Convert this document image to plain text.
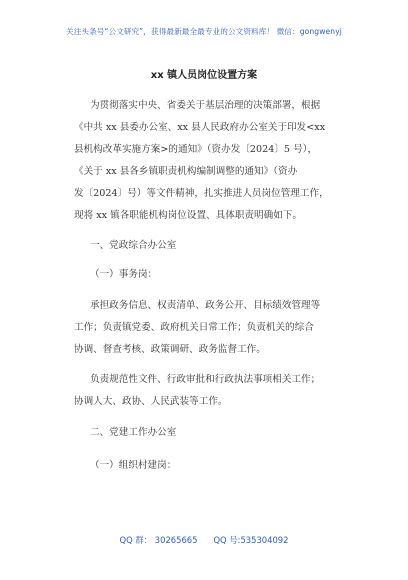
关注头条号“公文研究”，获得最新最全最专业的公文资料库！ 微信：gongwenyj
xx 镇人员岗位设置方案
为贯彻落实中央、省委关于基层治理的决策部署，根据
《中共 xx 县委办公室、xx 县人民政府办公室关于印发<xx
县机构改革实施方案>的通知》（资办发〔2024〕5 号），
《关于 xx 县各乡镇职责机构编制调整的通知》（资办
发〔2024〕号）等文件精神，扎实推进人员岗位管理工作，
现将 xx 镇各职能机构岗位设置、具体职责明确如下。
一、党政综合办公室
（一）事务岗：
承担政务信息、权责清单、政务公开、目标绩效管理等
工作；负责镇党委、政府机关日常工作；负责机关的综合
协调、督查考核、政策调研、政务监督工作。
负责规范性文件、行政审批和行政执法事项相关工作；
协调人大、政协、人民武装等工作。
二、党建工作办公室
（一）组织村建岗：
QQ 群： 30265665 QQ 号:535304092
